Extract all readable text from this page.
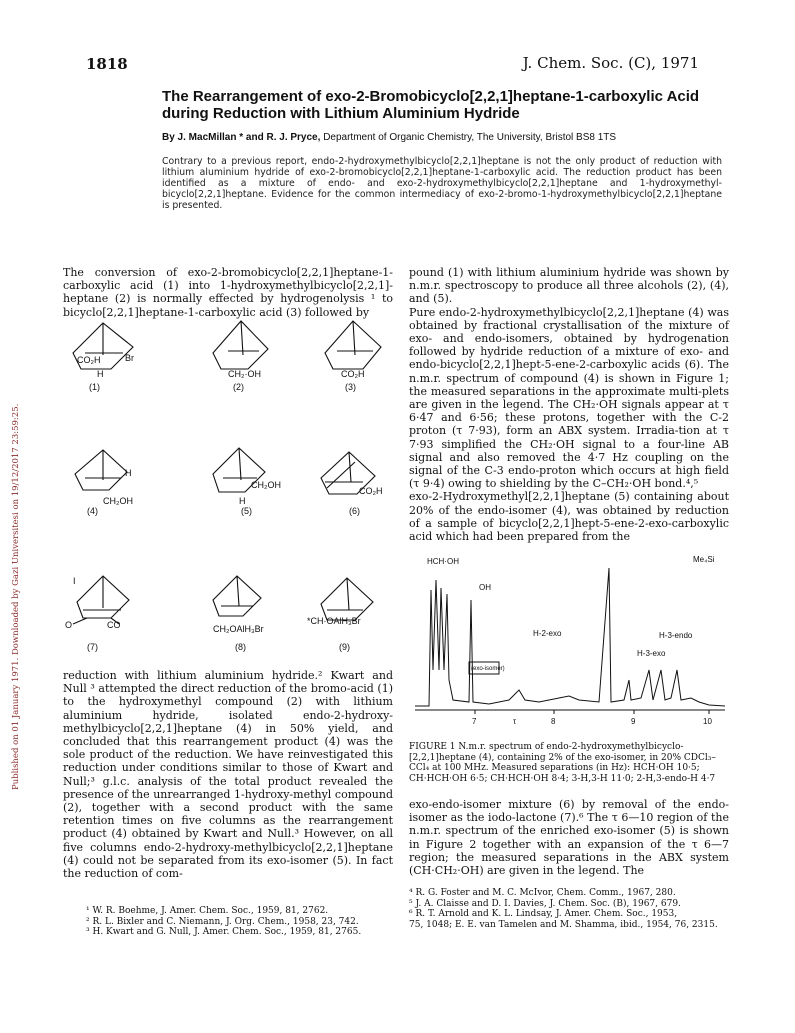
Published on 01 January 1971. Downloaded by Gazi Universitesi on 19/12/2017 23:59:25.
1818	J. Chem. Soc. (C), 1971
The Rearrangement of exo-2-Bromobicyclo[2,2,1]heptane-1-carboxylic Acid during Reduction with Lithium Aluminium Hydride
By J. MacMillan * and R. J. Pryce, Department of Organic Chemistry, The University, Bristol BS8 1TS
Contrary to a previous report, endo-2-hydroxymethylbicyclo[2,2,1]heptane is not the only product of reduction with lithium aluminium hydride of exo-2-bromobicyclo[2,2,1]heptane-1-carboxylic acid. The reduction product has been identified as a mixture of endo- and exo-2-hydroxymethylbicyclo[2,2,1]heptane and 1-hydroxymethyl-bicyclo[2,2,1]heptane. Evidence for the common intermediacy of exo-2-bromo-1-hydroxymethylbicyclo[2,2,1]heptane is presented.
The conversion of exo-2-bromobicyclo[2,2,1]heptane-1-carboxylic acid (1) into 1-hydroxymethylbicyclo[2,2,1]-heptane (2) is normally effected by hydrogenolysis ¹ to bicyclo[2,2,1]heptane-1-carboxylic acid (3) followed by
CO₂H	Br
H	CH₂·OH	CO₂H
(1)	(2)	(3)
H
CH₂OH
CH₂OH
H
CO₂H
(4)	(5)	(6)
I
O	CO	CH₂OAlH₃Br
*CH·OAlH₃Br
(7)	(8)	(9)
reduction with lithium aluminium hydride.² Kwart and Null ³ attempted the direct reduction of the bromo-acid (1) to the hydroxymethyl compound (2) with lithium aluminium hydride, isolated endo-2-hydroxy-methylbicyclo[2,2,1]heptane (4) in 50% yield, and concluded that this rearrangement product (4) was the sole product of the reduction. We have reinvestigated this reduction under conditions similar to those of Kwart and Null;³ g.l.c. analysis of the total product revealed the presence of the unrearranged 1-hydroxy-methyl compound (2), together with a second product with the same retention times on five columns as the rearrangement product (4) obtained by Kwart and Null.³ However, on all five columns endo-2-hydroxy-methylbicyclo[2,2,1]heptane (4) could not be separated from its exo-isomer (5). In fact the reduction of com-
pound (1) with lithium aluminium hydride was shown by n.m.r. spectroscopy to produce all three alcohols (2), (4), and (5).
Pure endo-2-hydroxymethylbicyclo[2,2,1]heptane (4) was obtained by fractional crystallisation of the mixture of exo- and endo-isomers, obtained by hydrogenation followed by hydride reduction of a mixture of exo- and endo-bicyclo[2,2,1]hept-5-ene-2-carboxylic acids (6). The n.m.r. spectrum of compound (4) is shown in Figure 1; the measured separations in the approximate multi-plets are given in the legend. The CH₂·OH signals appear at τ 6·47 and 6·56; these protons, together with the C-2 proton (τ 7·93), form an ABX system. Irradia-tion at τ 7·93 simplified the CH₂·OH signal to a four-line AB signal and also removed the 4·7 Hz coupling on the signal of the C-3 endo-proton which occurs at high field (τ 9·4) owing to shielding by the C–CH₂·OH bond.⁴,⁵
exo-2-Hydroxymethyl[2,2,1]heptane (5) containing about 20% of the endo-isomer (4), was obtained by reduction of a sample of bicyclo[2,2,1]hept-5-ene-2-exo-carboxylic acid which had been prepared from the
HCH·OH
OH
Me₄Si
H-2-exo	H-3-endo
H-3-exo
(exo-isomer)
7	τ	8	9	10
FIGURE 1 N.m.r. spectrum of endo-2-hydroxymethylbicyclo-[2,2,1]heptane (4), containing 2% of the exo-isomer, in 20% CDCl₃–CCl₄ at 100 MHz. Measured separations (in Hz): HCH·OH 10·5; CH·HCH·OH 6·5; CH·HCH·OH 8·4; 3-H,3-H 11·0; 2-H,3-endo-H 4·7
exo-endo-isomer mixture (6) by removal of the endo-isomer as the iodo-lactone (7).⁶ The τ 6—10 region of the n.m.r. spectrum of the enriched exo-isomer (5) is shown in Figure 2 together with an expansion of the τ 6—7 region; the measured separations in the ABX system (CH·CH₂·OH) are given in the legend. The
¹ W. R. Boehme, J. Amer. Chem. Soc., 1959, 81, 2762.
² R. L. Bixler and C. Niemann, J. Org. Chem., 1958, 23, 742.
³ H. Kwart and G. Null, J. Amer. Chem. Soc., 1959, 81, 2765.
⁴ R. G. Foster and M. C. McIvor, Chem. Comm., 1967, 280.
⁵ J. A. Claisse and D. I. Davies, J. Chem. Soc. (B), 1967, 679.
⁶ R. T. Arnold and K. L. Lindsay, J. Amer. Chem. Soc., 1953,
75, 1048; E. E. van Tamelen and M. Shamma, ibid., 1954, 76, 2315.
